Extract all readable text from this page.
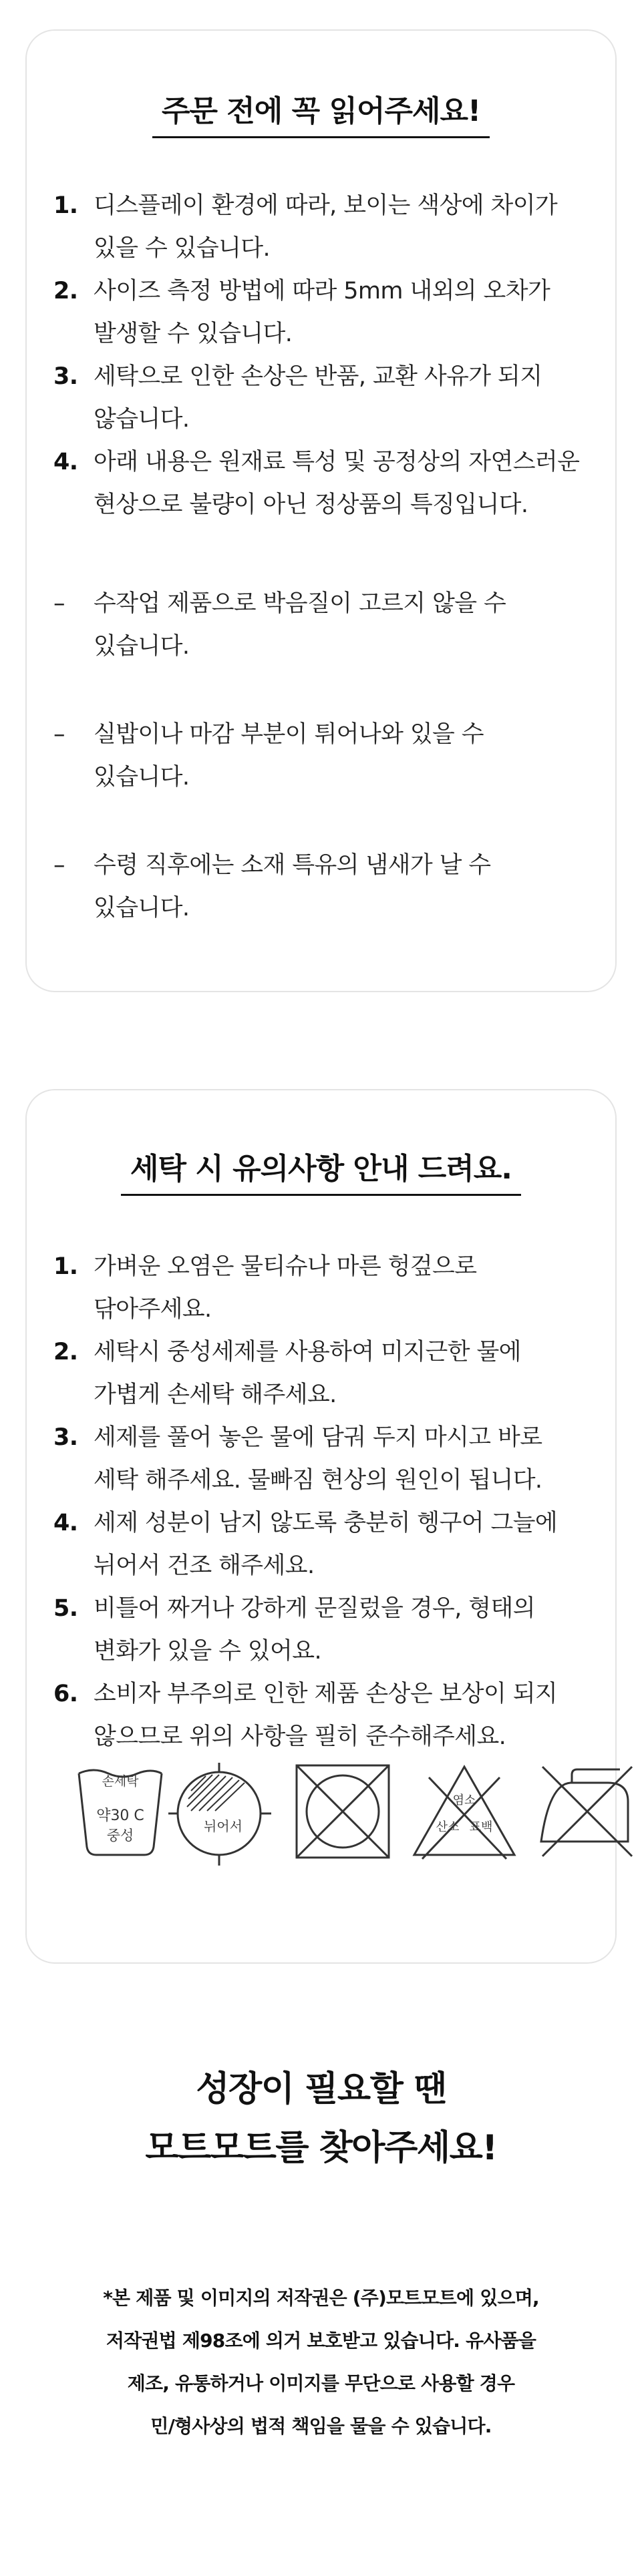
주문 전에 꼭 읽어주세요!
1. 디스플레이 환경에 따라, 보이는 색상에 차이가
있을 수 있습니다.
2. 사이즈 측정 방법에 따라 5mm 내외의 오차가
발생할 수 있습니다.
3. 세탁으로 인한 손상은 반품, 교환 사유가 되지
않습니다.
4. 아래 내용은 원재료 특성 및 공정상의 자연스러운
현상으로 불량이 아닌 정상품의 특징입니다.
– 수작업 제품으로 박음질이 고르지 않을 수
있습니다.
– 실밥이나 마감 부분이 튀어나와 있을 수
있습니다.
– 수령 직후에는 소재 특유의 냄새가 날 수
있습니다.
세탁 시 유의사항 안내 드려요.
1. 가벼운 오염은 물티슈나 마른 헝겊으로
닦아주세요.
2. 세탁시 중성세제를 사용하여 미지근한 물에
가볍게 손세탁 해주세요.
3. 세제를 풀어 놓은 물에 담궈 두지 마시고 바로
세탁 해주세요. 물빠짐 현상의 원인이 됩니다.
4. 세제 성분이 남지 않도록 충분히 헹구어 그늘에
뉘어서 건조 해주세요.
5. 비틀어 짜거나 강하게 문질렀을 경우, 형태의
변화가 있을 수 있어요.
6. 소비자 부주의로 인한 제품 손상은 보상이 되지
않으므로 위의 사항을 필히 준수해주세요.
손세탁
약30 C
중성
뉘어서
염소
산소 표백
성장이 필요할 땐
모트모트를 찾아주세요!
*본 제품 및 이미지의 저작권은 (주)모트모트에 있으며,
저작권법 제98조에 의거 보호받고 있습니다. 유사품을
제조, 유통하거나 이미지를 무단으로 사용할 경우
민/형사상의 법적 책임을 물을 수 있습니다.
